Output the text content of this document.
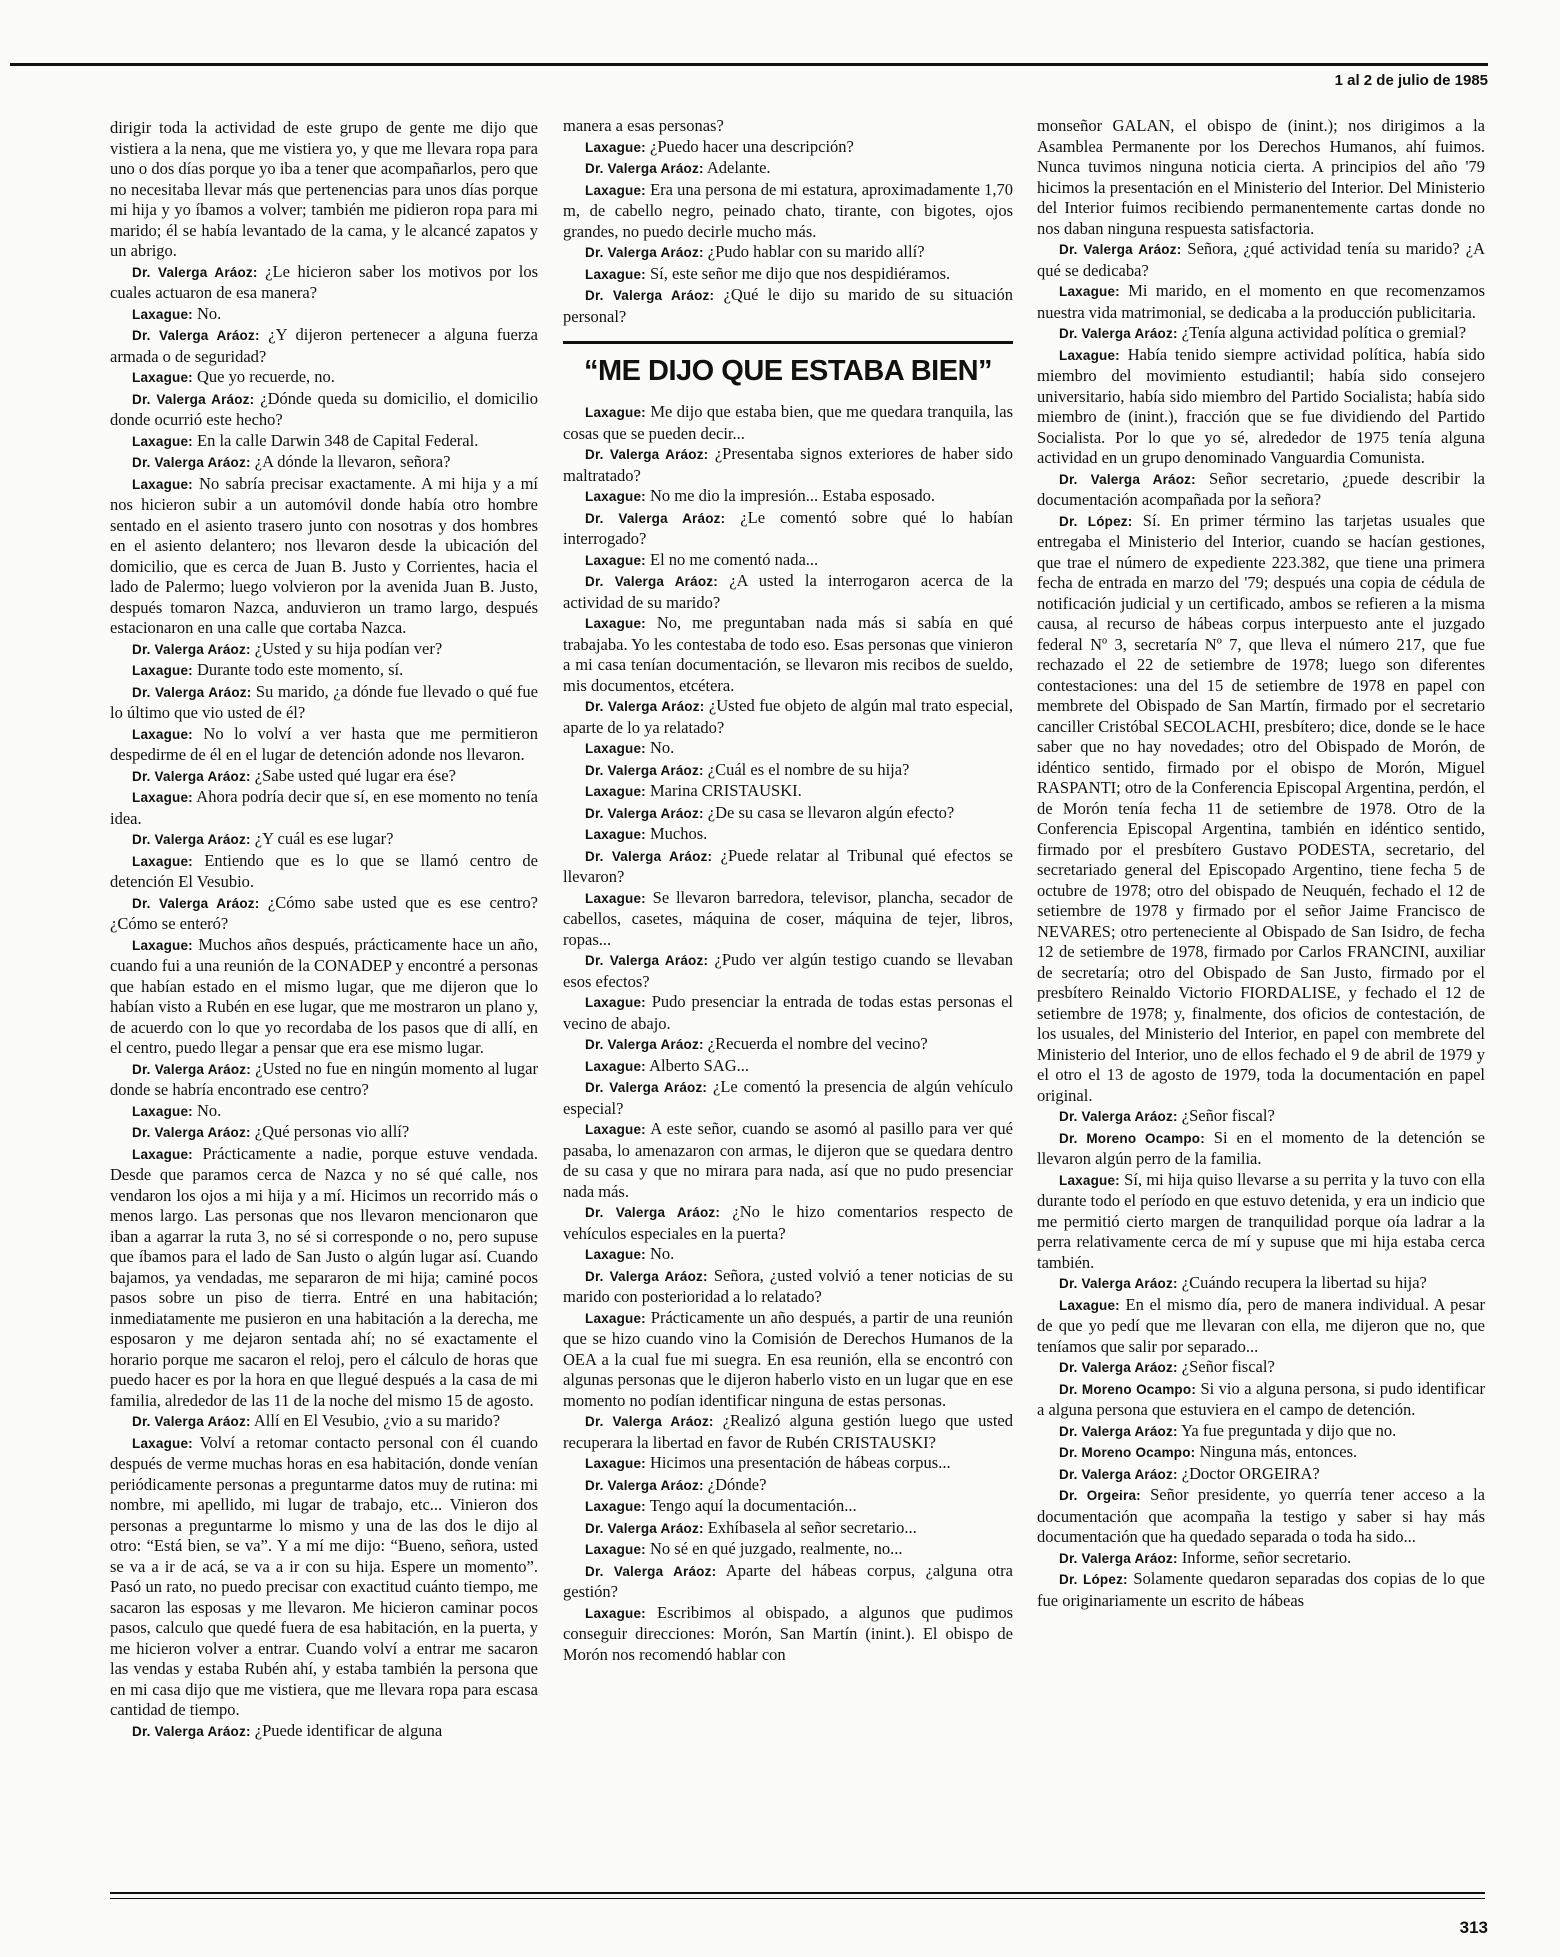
1 al 2 de julio de 1985

dirigir toda la actividad de este grupo de gente me dijo que vistiera a la nena, que me vistiera yo, y que me llevara ropa para uno o dos días porque yo iba a tener que acompañarlos, pero que no necesitaba llevar más que pertenencias para unos días porque mi hija y yo íbamos a volver; también me pidieron ropa para mi marido; él se había levantado de la cama, y le alcancé zapatos y un abrigo.

Dr. Valerga Aráoz: ¿Le hicieron saber los motivos por los cuales actuaron de esa manera?

Laxague: No.

Dr. Valerga Aráoz: ¿Y dijeron pertenecer a alguna fuerza armada o de seguridad?

Laxague: Que yo recuerde, no.

Dr. Valerga Aráoz: ¿Dónde queda su domicilio, el domicilio donde ocurrió este hecho?

Laxague: En la calle Darwin 348 de Capital Federal.

Dr. Valerga Aráoz: ¿A dónde la llevaron, señora?

Laxague: No sabría precisar exactamente. A mi hija y a mí nos hicieron subir a un automóvil donde había otro hombre sentado en el asiento trasero junto con nosotras y dos hombres en el asiento delantero; nos llevaron desde la ubicación del domicilio, que es cerca de Juan B. Justo y Corrientes, hacia el lado de Palermo; luego volvieron por la avenida Juan B. Justo, después tomaron Nazca, anduvieron un tramo largo, después estacionaron en una calle que cortaba Nazca.

Dr. Valerga Aráoz: ¿Usted y su hija podían ver?

Laxague: Durante todo este momento, sí.

Dr. Valerga Aráoz: Su marido, ¿a dónde fue llevado o qué fue lo último que vio usted de él?

Laxague: No lo volví a ver hasta que me permitieron despedirme de él en el lugar de detención adonde nos llevaron.

Dr. Valerga Aráoz: ¿Sabe usted qué lugar era ése?

Laxague: Ahora podría decir que sí, en ese momento no tenía idea.

Dr. Valerga Aráoz: ¿Y cuál es ese lugar?

Laxague: Entiendo que es lo que se llamó centro de detención El Vesubio.

Dr. Valerga Aráoz: ¿Cómo sabe usted que es ese centro? ¿Cómo se enteró?

Laxague: Muchos años después, prácticamente hace un año, cuando fui a una reunión de la CONADEP y encontré a personas que habían estado en el mismo lugar, que me dijeron que lo habían visto a Rubén en ese lugar, que me mostraron un plano y, de acuerdo con lo que yo recordaba de los pasos que di allí, en el centro, puedo llegar a pensar que era ese mismo lugar.

Dr. Valerga Aráoz: ¿Usted no fue en ningún momento al lugar donde se habría encontrado ese centro?

Laxague: No.

Dr. Valerga Aráoz: ¿Qué personas vio allí?

Laxague: Prácticamente a nadie, porque estuve vendada. Desde que paramos cerca de Nazca y no sé qué calle, nos vendaron los ojos a mi hija y a mí. Hicimos un recorrido más o menos largo. Las personas que nos llevaron mencionaron que iban a agarrar la ruta 3, no sé si corresponde o no, pero supuse que íbamos para el lado de San Justo o algún lugar así. Cuando bajamos, ya vendadas, me separaron de mi hija; caminé pocos pasos sobre un piso de tierra. Entré en una habitación; inmediatamente me pusieron en una habitación a la derecha, me esposaron y me dejaron sentada ahí; no sé exactamente el horario porque me sacaron el reloj, pero el cálculo de horas que puedo hacer es por la hora en que llegué después a la casa de mi familia, alrededor de las 11 de la noche del mismo 15 de agosto.

Dr. Valerga Aráoz: Allí en El Vesubio, ¿vio a su marido?

Laxague: Volví a retomar contacto personal con él cuando después de verme muchas horas en esa habitación, donde venían periódicamente personas a preguntarme datos muy de rutina: mi nombre, mi apellido, mi lugar de trabajo, etc... Vinieron dos personas a preguntarme lo mismo y una de las dos le dijo al otro: “Está bien, se va”. Y a mí me dijo: “Bueno, señora, usted se va a ir de acá, se va a ir con su hija. Espere un momento”. Pasó un rato, no puedo precisar con exactitud cuánto tiempo, me sacaron las esposas y me llevaron. Me hicieron caminar pocos pasos, calculo que quedé fuera de esa habitación, en la puerta, y me hicieron volver a entrar. Cuando volví a entrar me sacaron las vendas y estaba Rubén ahí, y estaba también la persona que en mi casa dijo que me vistiera, que me llevara ropa para escasa cantidad de tiempo.

Dr. Valerga Aráoz: ¿Puede identificar de alguna

manera a esas personas?

Laxague: ¿Puedo hacer una descripción?

Dr. Valerga Aráoz: Adelante.

Laxague: Era una persona de mi estatura, aproximadamente 1,70 m, de cabello negro, peinado chato, tirante, con bigotes, ojos grandes, no puedo decirle mucho más.

Dr. Valerga Aráoz: ¿Pudo hablar con su marido allí?

Laxague: Sí, este señor me dijo que nos despidiéramos.

Dr. Valerga Aráoz: ¿Qué le dijo su marido de su situación personal?

“ME DIJO QUE ESTABA BIEN”

Laxague: Me dijo que estaba bien, que me quedara tranquila, las cosas que se pueden decir...

Dr. Valerga Aráoz: ¿Presentaba signos exteriores de haber sido maltratado?

Laxague: No me dio la impresión... Estaba esposado.

Dr. Valerga Aráoz: ¿Le comentó sobre qué lo habían interrogado?

Laxague: El no me comentó nada...

Dr. Valerga Aráoz: ¿A usted la interrogaron acerca de la actividad de su marido?

Laxague: No, me preguntaban nada más si sabía en qué trabajaba. Yo les contestaba de todo eso. Esas personas que vinieron a mi casa tenían documentación, se llevaron mis recibos de sueldo, mis documentos, etcétera.

Dr. Valerga Aráoz: ¿Usted fue objeto de algún mal trato especial, aparte de lo ya relatado?

Laxague: No.

Dr. Valerga Aráoz: ¿Cuál es el nombre de su hija?

Laxague: Marina CRISTAUSKI.

Dr. Valerga Aráoz: ¿De su casa se llevaron algún efecto?

Laxague: Muchos.

Dr. Valerga Aráoz: ¿Puede relatar al Tribunal qué efectos se llevaron?

Laxague: Se llevaron barredora, televisor, plancha, secador de cabellos, casetes, máquina de coser, máquina de tejer, libros, ropas...

Dr. Valerga Aráoz: ¿Pudo ver algún testigo cuando se llevaban esos efectos?

Laxague: Pudo presenciar la entrada de todas estas personas el vecino de abajo.

Dr. Valerga Aráoz: ¿Recuerda el nombre del vecino?

Laxague: Alberto SAG...

Dr. Valerga Aráoz: ¿Le comentó la presencia de algún vehículo especial?

Laxague: A este señor, cuando se asomó al pasillo para ver qué pasaba, lo amenazaron con armas, le dijeron que se quedara dentro de su casa y que no mirara para nada, así que no pudo presenciar nada más.

Dr. Valerga Aráoz: ¿No le hizo comentarios respecto de vehículos especiales en la puerta?

Laxague: No.

Dr. Valerga Aráoz: Señora, ¿usted volvió a tener noticias de su marido con posterioridad a lo relatado?

Laxague: Prácticamente un año después, a partir de una reunión que se hizo cuando vino la Comisión de Derechos Humanos de la OEA a la cual fue mi suegra. En esa reunión, ella se encontró con algunas personas que le dijeron haberlo visto en un lugar que en ese momento no podían identificar ninguna de estas personas.

Dr. Valerga Aráoz: ¿Realizó alguna gestión luego que usted recuperara la libertad en favor de Rubén CRISTAUSKI?

Laxague: Hicimos una presentación de hábeas corpus...

Dr. Valerga Aráoz: ¿Dónde?

Laxague: Tengo aquí la documentación...

Dr. Valerga Aráoz: Exhíbasela al señor secretario...

Laxague: No sé en qué juzgado, realmente, no...

Dr. Valerga Aráoz: Aparte del hábeas corpus, ¿alguna otra gestión?

Laxague: Escribimos al obispado, a algunos que pudimos conseguir direcciones: Morón, San Martín (inint.). El obispo de Morón nos recomendó hablar con

monseñor GALAN, el obispo de (inint.); nos dirigimos a la Asamblea Permanente por los Derechos Humanos, ahí fuimos. Nunca tuvimos ninguna noticia cierta. A principios del año '79 hicimos la presentación en el Ministerio del Interior. Del Ministerio del Interior fuimos recibiendo permanentemente cartas donde no nos daban ninguna respuesta satisfactoria.

Dr. Valerga Aráoz: Señora, ¿qué actividad tenía su marido? ¿A qué se dedicaba?

Laxague: Mi marido, en el momento en que recomenzamos nuestra vida matrimonial, se dedicaba a la producción publicitaria.

Dr. Valerga Aráoz: ¿Tenía alguna actividad política o gremial?

Laxague: Había tenido siempre actividad política, había sido miembro del movimiento estudiantil; había sido consejero universitario, había sido miembro del Partido Socialista; había sido miembro de (inint.), fracción que se fue dividiendo del Partido Socialista. Por lo que yo sé, alrededor de 1975 tenía alguna actividad en un grupo denominado Vanguardia Comunista.

Dr. Valerga Aráoz: Señor secretario, ¿puede describir la documentación acompañada por la señora?

Dr. López: Sí. En primer término las tarjetas usuales que entregaba el Ministerio del Interior, cuando se hacían gestiones, que trae el número de expediente 223.382, que tiene una primera fecha de entrada en marzo del '79; después una copia de cédula de notificación judicial y un certificado, ambos se refieren a la misma causa, al recurso de hábeas corpus interpuesto ante el juzgado federal Nº 3, secretaría Nº 7, que lleva el número 217, que fue rechazado el 22 de setiembre de 1978; luego son diferentes contestaciones: una del 15 de setiembre de 1978 en papel con membrete del Obispado de San Martín, firmado por el secretario canciller Cristóbal SECOLACHI, presbítero; dice, donde se le hace saber que no hay novedades; otro del Obispado de Morón, de idéntico sentido, firmado por el obispo de Morón, Miguel RASPANTI; otro de la Conferencia Episcopal Argentina, perdón, el de Morón tenía fecha 11 de setiembre de 1978. Otro de la Conferencia Episcopal Argentina, también en idéntico sentido, firmado por el presbítero Gustavo PODESTA, secretario, del secretariado general del Episcopado Argentino, tiene fecha 5 de octubre de 1978; otro del obispado de Neuquén, fechado el 12 de setiembre de 1978 y firmado por el señor Jaime Francisco de NEVARES; otro perteneciente al Obispado de San Isidro, de fecha 12 de setiembre de 1978, firmado por Carlos FRANCINI, auxiliar de secretaría; otro del Obispado de San Justo, firmado por el presbítero Reinaldo Victorio FIORDALISE, y fechado el 12 de setiembre de 1978; y, finalmente, dos oficios de contestación, de los usuales, del Ministerio del Interior, en papel con membrete del Ministerio del Interior, uno de ellos fechado el 9 de abril de 1979 y el otro el 13 de agosto de 1979, toda la documentación en papel original.

Dr. Valerga Aráoz: ¿Señor fiscal?

Dr. Moreno Ocampo: Si en el momento de la detención se llevaron algún perro de la familia.

Laxague: Sí, mi hija quiso llevarse a su perrita y la tuvo con ella durante todo el período en que estuvo detenida, y era un indicio que me permitió cierto margen de tranquilidad porque oía ladrar a la perra relativamente cerca de mí y supuse que mi hija estaba cerca también.

Dr. Valerga Aráoz: ¿Cuándo recupera la libertad su hija?

Laxague: En el mismo día, pero de manera individual. A pesar de que yo pedí que me llevaran con ella, me dijeron que no, que teníamos que salir por separado...

Dr. Valerga Aráoz: ¿Señor fiscal?

Dr. Moreno Ocampo: Si vio a alguna persona, si pudo identificar a alguna persona que estuviera en el campo de detención.

Dr. Valerga Aráoz: Ya fue preguntada y dijo que no.

Dr. Moreno Ocampo: Ninguna más, entonces.

Dr. Valerga Aráoz: ¿Doctor ORGEIRA?

Dr. Orgeira: Señor presidente, yo querría tener acceso a la documentación que acompaña la testigo y saber si hay más documentación que ha quedado separada o toda ha sido...

Dr. Valerga Aráoz: Informe, señor secretario.

Dr. López: Solamente quedaron separadas dos copias de lo que fue originariamente un escrito de hábeas

313
